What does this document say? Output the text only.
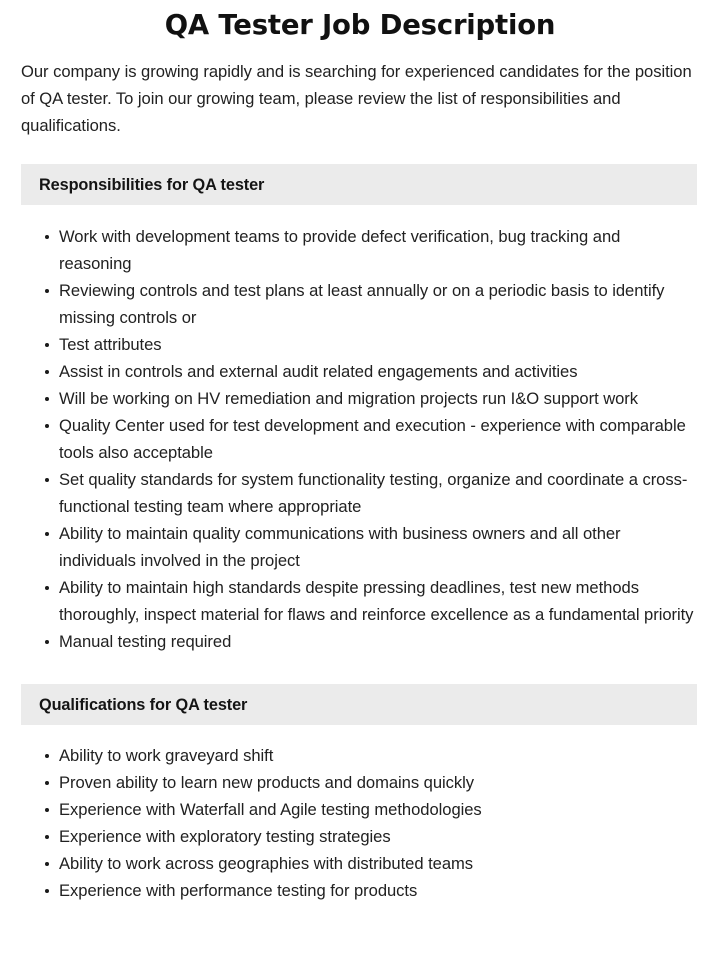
QA Tester Job Description

Our company is growing rapidly and is searching for experienced candidates for the position of QA tester. To join our growing team, please review the list of responsibilities and qualifications.

Responsibilities for QA tester
Work with development teams to provide defect verification, bug tracking and reasoning
Reviewing controls and test plans at least annually or on a periodic basis to identify missing controls or
Test attributes
Assist in controls and external audit related engagements and activities
Will be working on HV remediation and migration projects run I&O support work
Quality Center used for test development and execution - experience with comparable tools also acceptable
Set quality standards for system functionality testing, organize and coordinate a cross-functional testing team where appropriate
Ability to maintain quality communications with business owners and all other individuals involved in the project
Ability to maintain high standards despite pressing deadlines, test new methods thoroughly, inspect material for flaws and reinforce excellence as a fundamental priority
Manual testing required
Qualifications for QA tester
Ability to work graveyard shift
Proven ability to learn new products and domains quickly
Experience with Waterfall and Agile testing methodologies
Experience with exploratory testing strategies
Ability to work across geographies with distributed teams
Experience with performance testing for products
